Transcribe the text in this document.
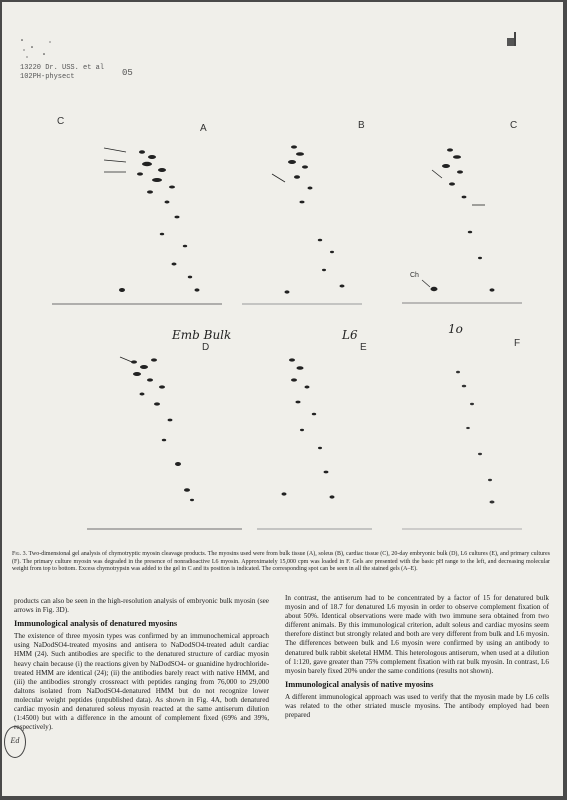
13220 Dr. USS. et al
102PH-physect	05
C
A	B	C
Ch
Emb Bulk
D
L6
E
1o
F
Fig. 3. Two-dimensional gel analysis of chymotryptic myosin cleavage products. The myosins used were from bulk tissue (A), soleus (B), cardiac tissue (C), 20-day embryonic bulk (D), L6 cultures (E), and primary cultures (F). The primary culture myosin was degraded in the presence of nonradioactive L6 myosin. Approximately 15,000 cpm was loaded in F. Gels are presented with the basic pH range to the left, and decreasing molecular weight from top to bottom. Excess chymotrypsin was added to the gel in C and its position is indicated. The corresponding spot can be seen in all the stained gels (A–E).

products can also be seen in the high-resolution analysis of embryonic bulk myosin (see arrows in Fig. 3D).

Immunological analysis of denatured myosins

The existence of three myosin types was confirmed by an immunochemical approach using NaDodSO4-treated myosins and antisera to NaDodSO4-treated adult cardiac HMM (24). Such antibodies are specific to the denatured structure of cardiac myosin heavy chain because (i) the reactions given by NaDodSO4- or guanidine hydrochloride-treated HMM are identical (24); (ii) the antibodies barely react with native HMM, and (iii) the antibodies strongly crossreact with peptides ranging from 76,000 to 29,000 daltons isolated from NaDodSO4-denatured HMM but do not recognize lower molecular weight peptides (unpublished data). As shown in Fig. 4A, both denatured cardiac myosin and denatured soleus myosin reacted at the same antiserum dilution (1:4500) but with a difference in the amount of complement fixed (69% and 39%, respectively).

In contrast, the antiserum had to be concentrated by a factor of 15 for denatured bulk myosin and of 18.7 for denatured L6 myosin in order to observe complement fixation of about 50%. Identical observations were made with two immune sera obtained from two different animals. By this immunological criterion, adult soleus and cardiac myosins seem therefore distinct but strongly related and both are very different from bulk and L6 myosin. The differences between bulk and L6 myosin were confirmed by using an antibody to denatured bulk rabbit skeletal HMM. This heterologous antiserum, when used at a dilution of 1:120, gave greater than 75% complement fixation with rat bulk myosin. In contrast, L6 myosin barely fixed 20% under the same conditions (results not shown).

Immunological analysis of native myosins

A different immunological approach was used to verify that the myosin made by L6 cells was related to the other striated muscle myosins. The antibody employed had been prepared

Ed
